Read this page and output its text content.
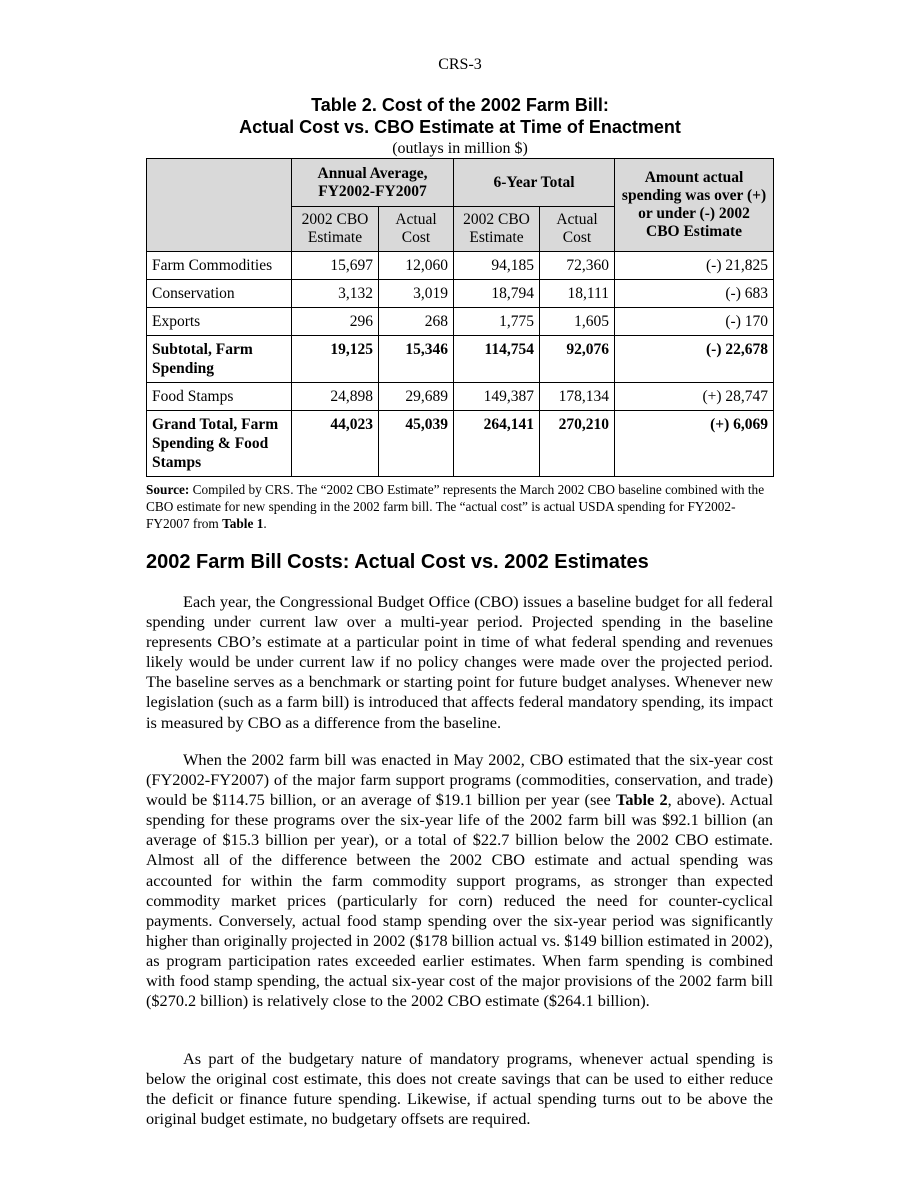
CRS-3
Table 2. Cost of the 2002 Farm Bill:
Actual Cost vs. CBO Estimate at Time of Enactment
(outlays in million $)
	Annual Average, FY2002-FY2007		6-Year Total		Amount actual spending was over (+) or under (-) 2002 CBO Estimate
	2002 CBO Estimate	Actual Cost	2002 CBO Estimate	Actual Cost	
Farm Commodities	15,697	12,060	94,185	72,360	(-) 21,825
Conservation	3,132	3,019	18,794	18,111	(-) 683
Exports	296	268	1,775	1,605	(-) 170
Subtotal, Farm Spending	19,125	15,346	114,754	92,076	(-) 22,678
Food Stamps	24,898	29,689	149,387	178,134	(+) 28,747
Grand Total, Farm Spending & Food Stamps	44,023	45,039	264,141	270,210	(+) 6,069
Source: Compiled by CRS. The “2002 CBO Estimate” represents the March 2002 CBO baseline combined with the CBO estimate for new spending in the 2002 farm bill. The “actual cost” is actual USDA spending for FY2002-FY2007 from Table 1.
2002 Farm Bill Costs: Actual Cost vs. 2002 Estimates

Each year, the Congressional Budget Office (CBO) issues a baseline budget for all federal spending under current law over a multi-year period. Projected spending in the baseline represents CBO’s estimate at a particular point in time of what federal spending and revenues likely would be under current law if no policy changes were made over the projected period. The baseline serves as a benchmark or starting point for future budget analyses. Whenever new legislation (such as a farm bill) is introduced that affects federal mandatory spending, its impact is measured by CBO as a difference from the baseline.

When the 2002 farm bill was enacted in May 2002, CBO estimated that the six-year cost (FY2002-FY2007) of the major farm support programs (commodities, conservation, and trade) would be $114.75 billion, or an average of $19.1 billion per year (see Table 2, above). Actual spending for these programs over the six-year life of the 2002 farm bill was $92.1 billion (an average of $15.3 billion per year), or a total of $22.7 billion below the 2002 CBO estimate. Almost all of the difference between the 2002 CBO estimate and actual spending was accounted for within the farm commodity support programs, as stronger than expected commodity market prices (particularly for corn) reduced the need for counter-cyclical payments. Conversely, actual food stamp spending over the six-year period was significantly higher than originally projected in 2002 ($178 billion actual vs. $149 billion estimated in 2002), as program participation rates exceeded earlier estimates. When farm spending is combined with food stamp spending, the actual six-year cost of the major provisions of the 2002 farm bill ($270.2 billion) is relatively close to the 2002 CBO estimate ($264.1 billion).

As part of the budgetary nature of mandatory programs, whenever actual spending is below the original cost estimate, this does not create savings that can be used to either reduce the deficit or finance future spending. Likewise, if actual spending turns out to be above the original budget estimate, no budgetary offsets are required.
